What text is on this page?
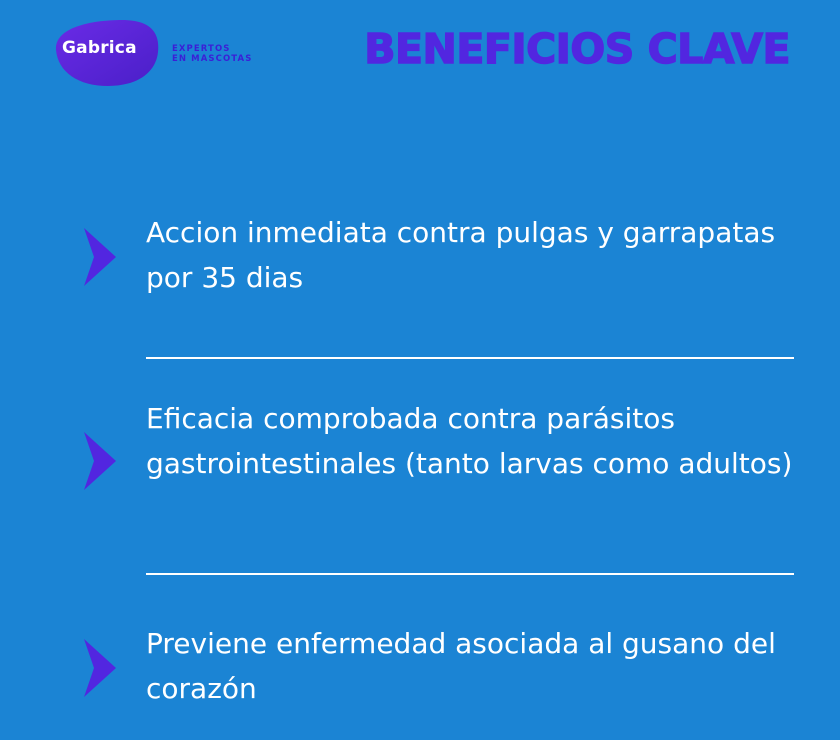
Gabrica	EXPERTOS
EN MASCOTAS	BENEFICIOS CLAVE
Accion inmediata contra pulgas y garrapatas por 35 dias
Eficacia comprobada contra parásitos gastrointestinales (tanto larvas como adultos)
Previene enfermedad asociada al gusano del corazón
